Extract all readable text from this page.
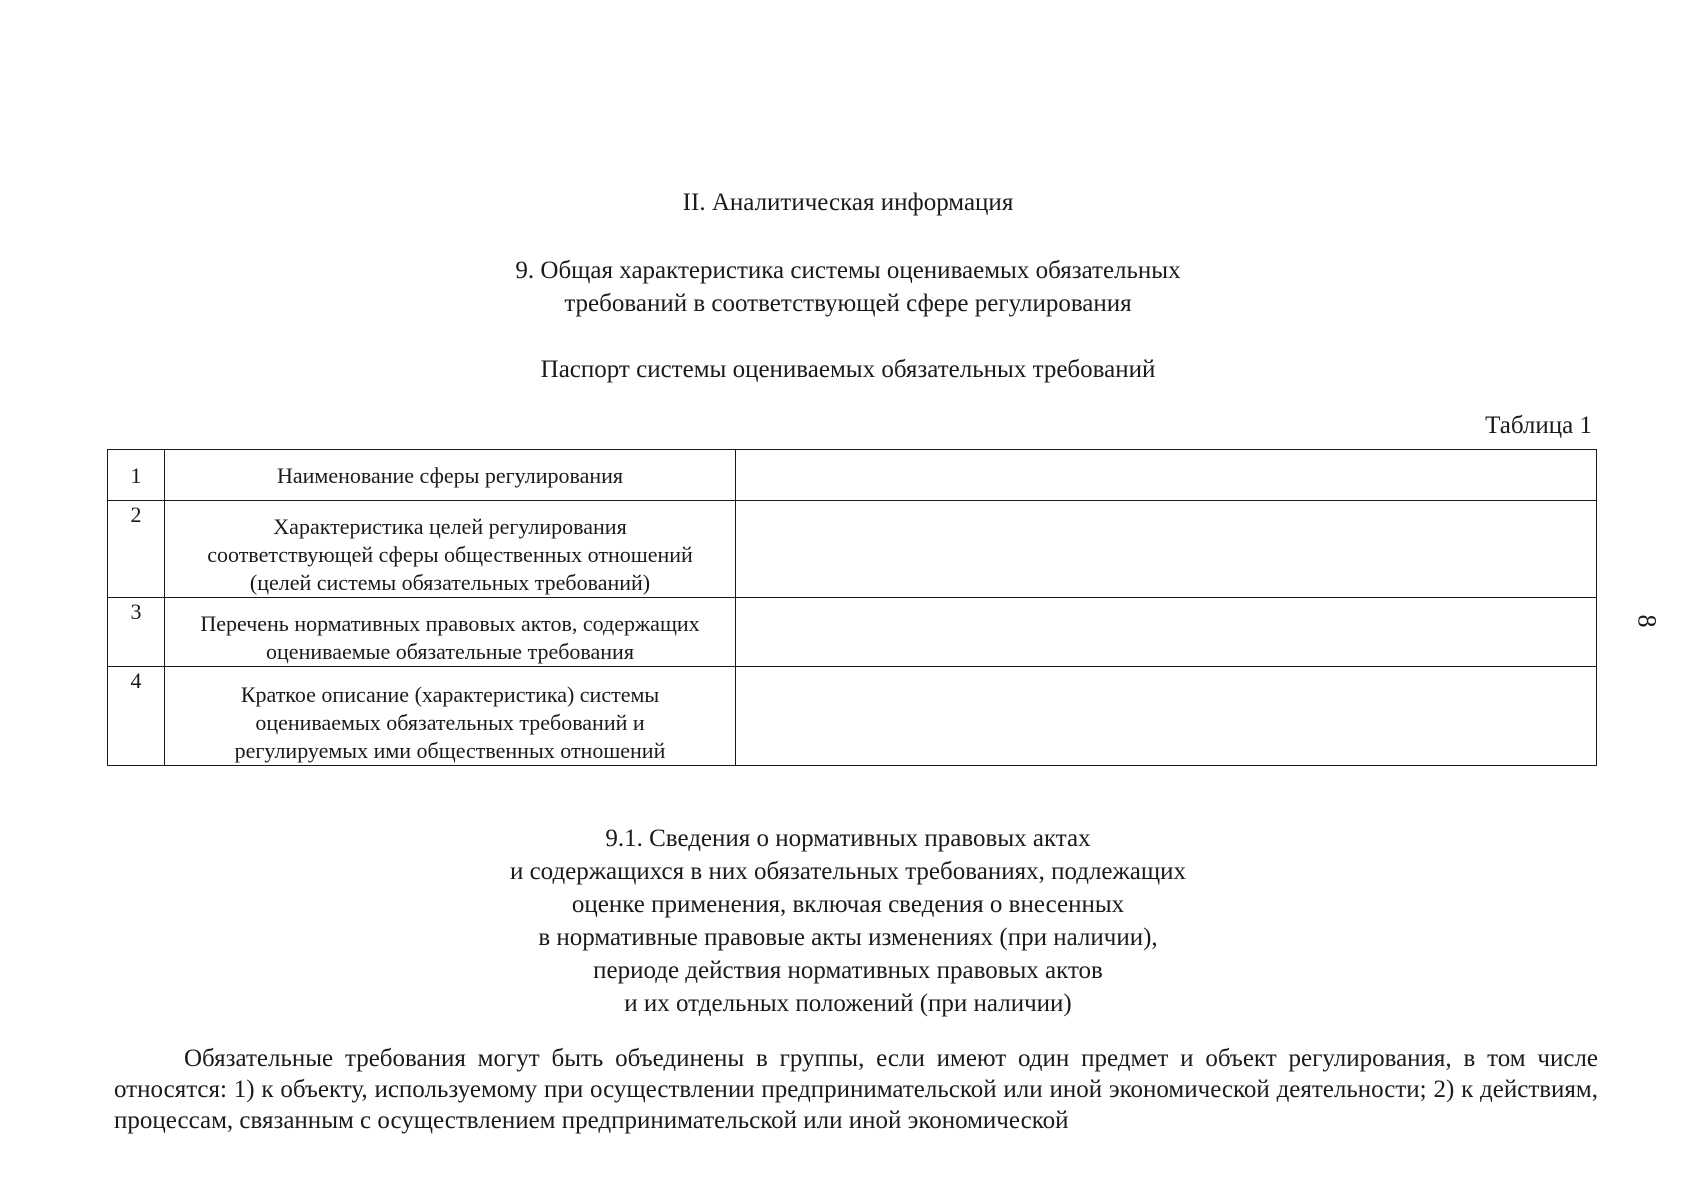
II. Аналитическая информация
9. Общая характеристика системы оцениваемых обязательных
требований в соответствующей сфере регулирования
Паспорт системы оцениваемых обязательных требований
Таблица 1
8
1	Наименование сферы регулирования	

2	Характеристика целей регулирования
соответствующей сферы общественных отношений
(целей системы обязательных требований)	

3	Перечень нормативных правовых актов, содержащих
оцениваемые обязательные требования	

4	Краткое описание (характеристика) системы
оцениваемых обязательных требований и
регулируемых ими общественных отношений	

9.1. Сведения о нормативных правовых актах
и содержащихся в них обязательных требованиях, подлежащих
оценке применения, включая сведения о внесенных
в нормативные правовые акты изменениях (при наличии),
периоде действия нормативных правовых актов
и их отдельных положений (при наличии)
Обязательные требования могут быть объединены в группы, если имеют один предмет и объект регулирования, в том числе относятся: 1) к объекту, используемому при осуществлении предпринимательской или иной экономической деятельности; 2) к действиям, процессам, связанным с осуществлением предпринимательской или иной экономической
